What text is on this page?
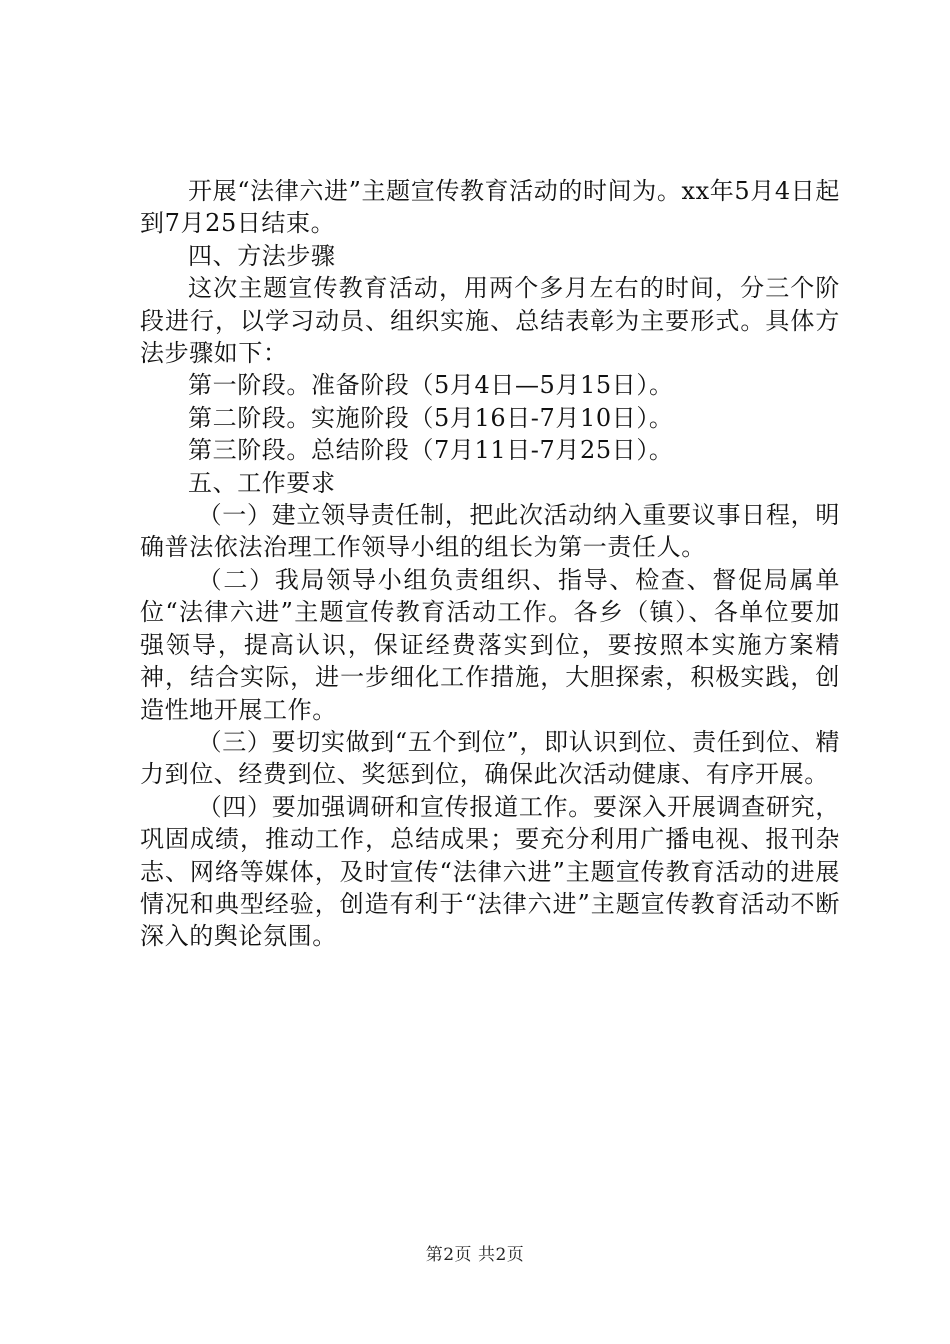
开展“法律六进”主题宣传教育活动的时间为。xx年5月4日起到7月25日结束。

四、方法步骤

这次主题宣传教育活动，用两个多月左右的时间，分三个阶段进行，以学习动员、组织实施、总结表彰为主要形式。具体方法步骤如下：

第一阶段。准备阶段（5月4日—5月15日）。

第二阶段。实施阶段（5月16日-7月10日）。

第三阶段。总结阶段（7月11日-7月25日）。

五、工作要求

（一）建立领导责任制，把此次活动纳入重要议事日程，明确普法依法治理工作领导小组的组长为第一责任人。

（二）我局领导小组负责组织、指导、检查、督促局属单位“法律六进”主题宣传教育活动工作。各乡（镇）、各单位要加强领导，提高认识，保证经费落实到位，要按照本实施方案精神，结合实际，进一步细化工作措施，大胆探索，积极实践，创造性地开展工作。

（三）要切实做到“五个到位”，即认识到位、责任到位、精力到位、经费到位、奖惩到位，确保此次活动健康、有序开展。

（四）要加强调研和宣传报道工作。要深入开展调查研究，巩固成绩，推动工作，总结成果；要充分利用广播电视、报刊杂志、网络等媒体，及时宣传“法律六进”主题宣传教育活动的进展情况和典型经验，创造有利于“法律六进”主题宣传教育活动不断深入的舆论氛围。

第2页 共2页
